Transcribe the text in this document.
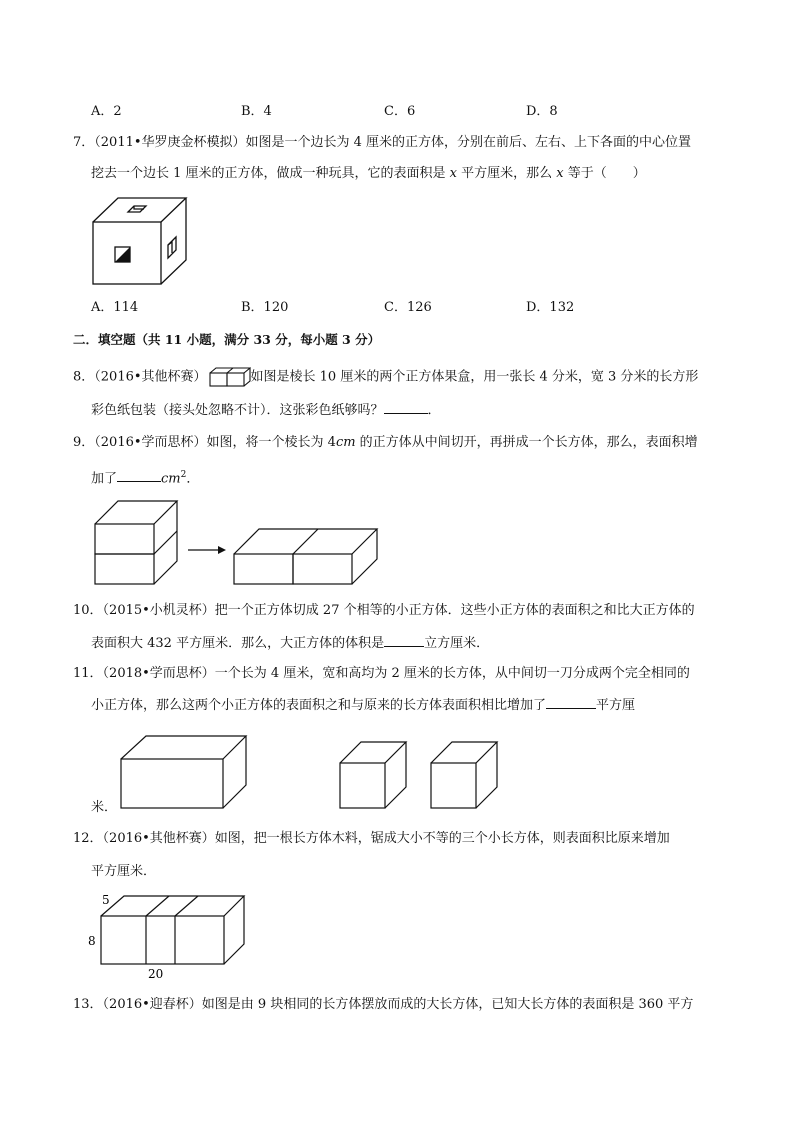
A．2	B．4	C．6	D．8
7．（2011•华罗庚金杯模拟）如图是一个边长为 4 厘米的正方体，分别在前后、左右、上下各面的中心位置
挖去一个边长 1 厘米的正方体，做成一种玩具，它的表面积是 x 平方厘米，那么 x 等于（　　）
A．114	B．120	C．126	D．132
二．填空题（共 11 小题，满分 33 分，每小题 3 分）
8．（2016•其他杯赛）	如图是棱长 10 厘米的两个正方体果盒，用一张长 4 分米，宽 3 分米的长方形
彩色纸包装（接头处忽略不计）．这张彩色纸够吗？	．
9．（2016•学而思杯）如图，将一个棱长为 4cm 的正方体从中间切开，再拼成一个长方体，那么，表面积增
加了	$cm^2$．
10．（2015•小机灵杯）把一个正方体切成 27 个相等的小正方体．这些小正方体的表面积之和比大正方体的
表面积大 432 平方厘米．那么，大正方体的体积是	立方厘米．
11．（2018•学而思杯）一个长为 4 厘米，宽和高均为 2 厘米的长方体，从中间切一刀分成两个完全相同的
小正方体，那么这两个小正方体的表面积之和与原来的长方体表面积相比增加了	平方厘
米．
12．（2016•其他杯赛）如图，把一根长方体木料，锯成大小不等的三个小长方体，则表面积比原来增加
平方厘米．
5
8
20
13．（2016•迎春杯）如图是由 9 块相同的长方体摆放而成的大长方体，已知大长方体的表面积是 360 平方
